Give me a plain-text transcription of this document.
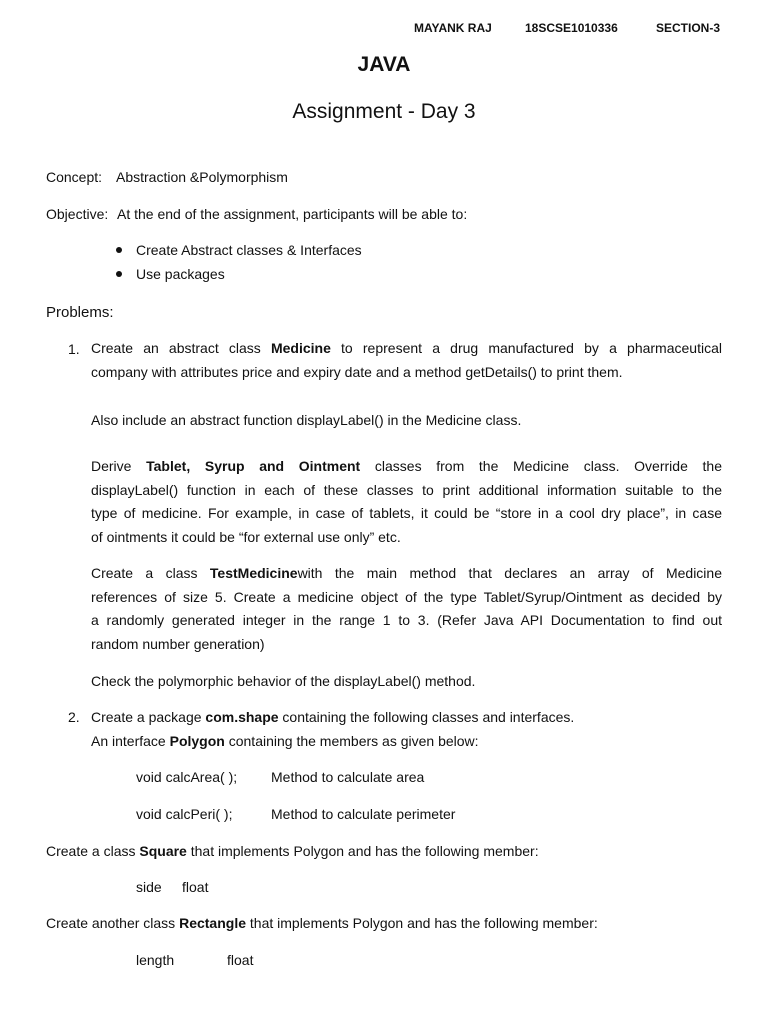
MAYANK RAJ	18SCSE1010336	SECTION-3
JAVA
Assignment - Day 3
Concept: Abstraction &Polymorphism
Objective: At the end of the assignment, participants will be able to:
Create Abstract classes & Interfaces
Use packages
Problems:
1. Create an abstract class Medicine to represent a drug manufactured by a pharmaceutical
company with attributes price and expiry date and a method getDetails() to print them.
Also include an abstract function displayLabel() in the Medicine class.
Derive Tablet, Syrup and Ointment classes from the Medicine class. Override the
displayLabel() function in each of these classes to print additional information suitable to the
type of medicine. For example, in case of tablets, it could be “store in a cool dry place”, in case
of ointments it could be “for external use only” etc.
Create a class TestMedicinewith the main method that declares an array of Medicine
references of size 5. Create a medicine object of the type Tablet/Syrup/Ointment as decided by
a randomly generated integer in the range 1 to 3. (Refer Java API Documentation to find out
random number generation)
Check the polymorphic behavior of the displayLabel() method.
2. Create a package com.shape containing the following classes and interfaces.
An interface Polygon containing the members as given below:
void calcArea( ); Method to calculate area
void calcPeri( );	Method to calculate perimeter
Create a class Square that implements Polygon and has the following member:
side float
Create another class Rectangle that implements Polygon and has the following member:
length	float
